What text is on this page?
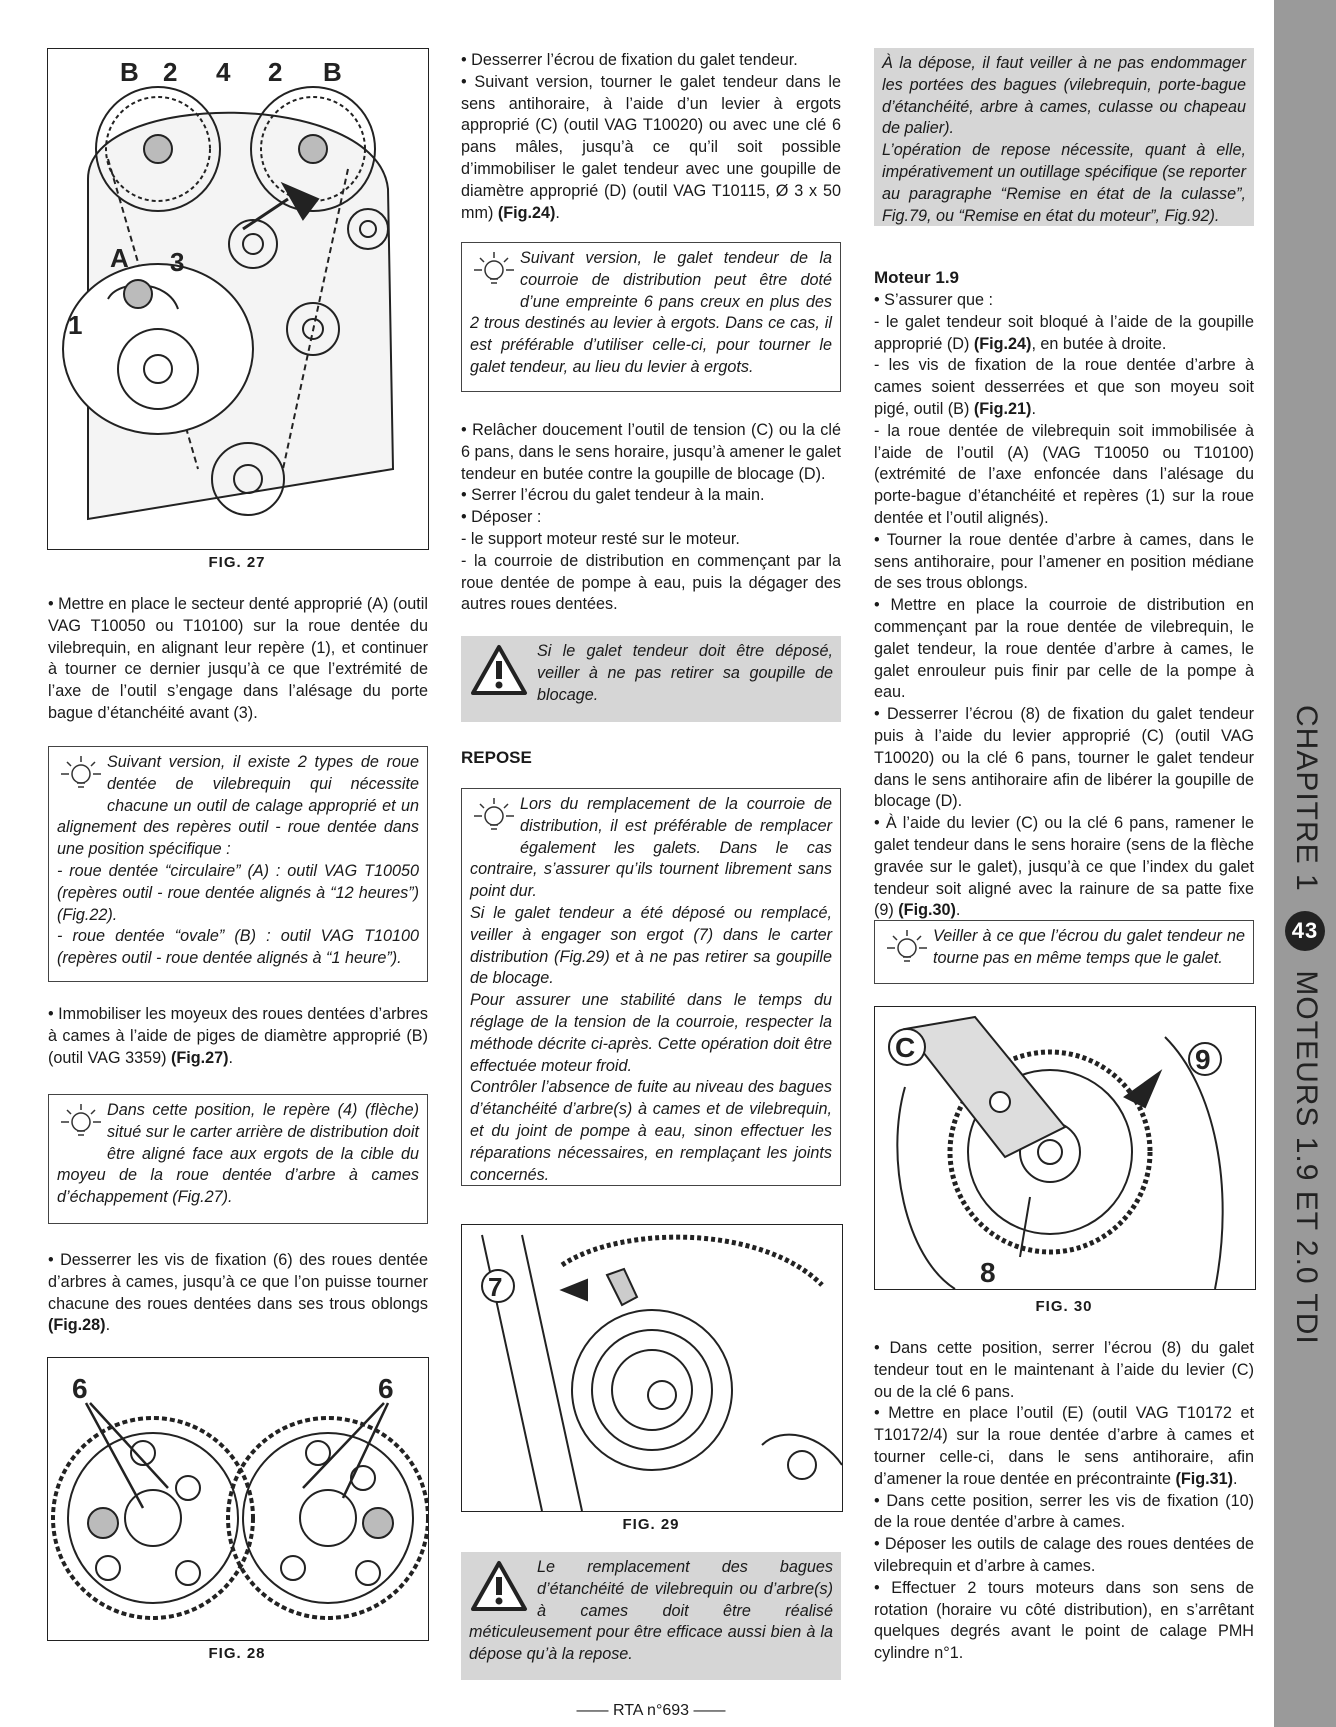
CHAPITRE 1 43 MOTEURS 1.9 ET 2.0 TDI
B 2 4 2 B
A 3
1
FIG. 27

• Mettre en place le secteur denté approprié (A) (outil VAG T10050 ou T10100) sur la roue dentée du vilebrequin, en alignant leur repère (1), et continuer à tourner ce dernier jusqu’à ce que l’extrémité de l’axe de l’outil s’engage dans l’alésage du porte bague d’étanchéité avant (3).

Suivant version, il existe 2 types de roue dentée de vilebrequin qui nécessite chacune un outil de calage approprié et un alignement des repères outil - roue dentée dans une position spécifique :
- roue dentée “circulaire” (A) : outil VAG T10050 (repères outil - roue dentée alignés à “12 heures”) (Fig.22).
- roue dentée “ovale” (B) : outil VAG T10100 (repères outil - roue dentée alignés à “1 heure”).

• Immobiliser les moyeux des roues dentées d’arbres à cames à l’aide de piges de diamètre approprié (B) (outil VAG 3359) (Fig.27).

Dans cette position, le repère (4) (flèche) situé sur le carter arrière de distribution doit être aligné face aux ergots de la cible du moyeu de la roue dentée d’arbre à cames d’échappement (Fig.27).

• Desserrer les vis de fixation (6) des roues dentée d’arbres à cames, jusqu’à ce que l’on puisse tourner chacune des roues dentées dans ses trous oblongs (Fig.28).

6	6
FIG. 28

• Desserrer l’écrou de fixation du galet tendeur.

• Suivant version, tourner le galet tendeur dans le sens antihoraire, à l’aide d’un levier à ergots approprié (C) (outil VAG T10020) ou avec une clé 6 pans mâles, jusqu’à ce qu’il soit possible d’immobiliser le galet tendeur avec une goupille de diamètre approprié (D) (outil VAG T10115, Ø 3 x 50 mm) (Fig.24).

Suivant version, le galet tendeur de la courroie de distribution peut être doté d’une empreinte 6 pans creux en plus des 2 trous destinés au levier à ergots. Dans ce cas, il est préférable d’utiliser celle-ci, pour tourner le galet tendeur, au lieu du levier à ergots.

• Relâcher doucement l’outil de tension (C) ou la clé 6 pans, dans le sens horaire, jusqu’à amener le galet tendeur en butée contre la goupille de blocage (D).

• Serrer l’écrou du galet tendeur à la main.

• Déposer :

- le support moteur resté sur le moteur.

- la courroie de distribution en commençant par la roue dentée de pompe à eau, puis la dégager des autres roues dentées.

Si le galet tendeur doit être déposé, veiller à ne pas retirer sa goupille de blocage.
REPOSE
Lors du remplacement de la courroie de distribution, il est préférable de remplacer également les galets. Dans le cas contraire, s’assurer qu’ils tournent librement sans point dur.
Si le galet tendeur a été déposé ou remplacé, veiller à engager son ergot (7) dans le carter distribution (Fig.29) et à ne pas retirer sa goupille de blocage.
Pour assurer une stabilité dans le temps du réglage de la tension de la courroie, respecter la méthode décrite ci-après. Cette opération doit être effectuée moteur froid.
Contrôler l’absence de fuite au niveau des bagues d’étanchéité d’arbre(s) à cames et de vilebrequin, et du joint de pompe à eau, sinon effectuer les réparations nécessaires, en remplaçant les joints concernés.
7
FIG. 29
Le remplacement des bagues d’étanchéité de vilebrequin ou d’arbre(s) à cames doit être réalisé méticuleusement pour être efficace aussi bien à la dépose qu’à la repose.
—— RTA n°693 ——
À la dépose, il faut veiller à ne pas endommager les portées des bagues (vilebrequin, porte-bague d’étanchéité, arbre à cames, culasse ou chapeau de palier).
L’opération de repose nécessite, quant à elle, impérativement un outillage spécifique (se reporter au paragraphe “Remise en état de la culasse”, Fig.79, ou “Remise en état du moteur”, Fig.92).
Moteur 1.9

• S’assurer que :

- le galet tendeur soit bloqué à l’aide de la goupille approprié (D) (Fig.24), en butée à droite.

- les vis de fixation de la roue dentée d’arbre à cames soient desserrées et que son moyeu soit pigé, outil (B) (Fig.21).

- la roue dentée de vilebrequin soit immobilisée à l’aide de l’outil (A) (VAG T10050 ou T10100) (extrémité de l’axe enfoncée dans l’alésage du porte-bague d’étanchéité et repères (1) sur la roue dentée et l’outil alignés).

• Tourner la roue dentée d’arbre à cames, dans le sens antihoraire, pour l’amener en position médiane de ses trous oblongs.

• Mettre en place la courroie de distribution en commençant par la roue dentée de vilebrequin, le galet tendeur, la roue dentée d’arbre à cames, le galet enrouleur puis finir par celle de la pompe à eau.

• Desserrer l’écrou (8) de fixation du galet tendeur puis à l’aide du levier approprié (C) (outil VAG T10020) ou la clé 6 pans, tourner le galet tendeur dans le sens antihoraire afin de libérer la goupille de blocage (D).

• À l’aide du levier (C) ou la clé 6 pans, ramener le galet tendeur dans le sens horaire (sens de la flèche gravée sur le galet), jusqu’à ce que l’index du galet tendeur soit aligné avec la rainure de sa patte fixe (9) (Fig.30).

Veiller à ce que l’écrou du galet tendeur ne tourne pas en même temps que le galet.
C	9
8
FIG. 30

• Dans cette position, serrer l’écrou (8) du galet tendeur tout en le maintenant à l’aide du levier (C) ou de la clé 6 pans.

• Mettre en place l’outil (E) (outil VAG T10172 et T10172/4) sur la roue dentée d’arbre à cames et tourner celle-ci, dans le sens antihoraire, afin d’amener la roue dentée en précontrainte (Fig.31).

• Dans cette position, serrer les vis de fixation (10) de la roue dentée d’arbre à cames.

• Déposer les outils de calage des roues dentées de vilebrequin et d’arbre à cames.

• Effectuer 2 tours moteurs dans son sens de rotation (horaire vu côté distribution), en s’arrêtant quelques degrés avant le point de calage PMH cylindre n°1.
